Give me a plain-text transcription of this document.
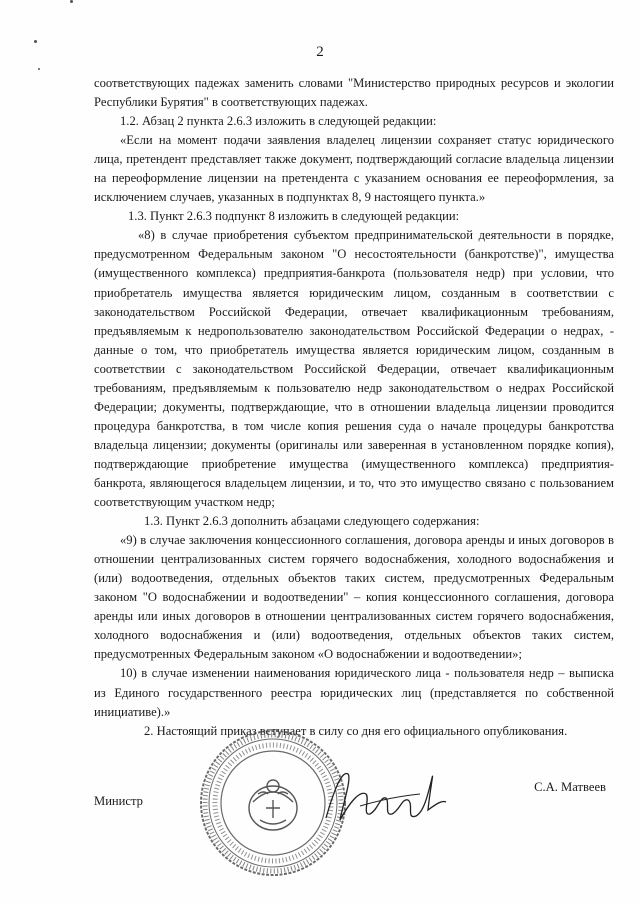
2

соответствующих падежах заменить словами "Министерство природных ресурсов и экологии Республики Бурятия" в соответствующих падежах.

1.2. Абзац 2 пункта 2.6.3 изложить в следующей редакции:

«Если на момент подачи заявления владелец лицензии сохраняет статус юридического лица, претендент представляет также документ, подтверждающий согласие владельца лицензии на переоформление лицензии на претендента с указанием основания ее переоформления, за исключением случаев, указанных в подпунктах 8, 9 настоящего пункта.»

1.3. Пункт 2.6.3 подпункт 8 изложить в следующей редакции:

«8) в случае приобретения субъектом предпринимательской деятельности в порядке, предусмотренном Федеральным законом "О несостоятельности (банкротстве)", имущества (имущественного комплекса) предприятия-банкрота (пользователя недр) при условии, что приобретатель имущества является юридическим лицом, созданным в соответствии с законодательством Российской Федерации, отвечает квалификационным требованиям, предъявляемым к недропользователю законодательством Российской Федерации о недрах, - данные о том, что приобретатель имущества является юридическим лицом, созданным в соответствии с законодательством Российской Федерации, отвечает квалификационным требованиям, предъявляемым к пользователю недр законодательством о недрах Российской Федерации; документы, подтверждающие, что в отношении владельца лицензии проводится процедура банкротства, в том числе копия решения суда о начале процедуры банкротства владельца лицензии; документы (оригиналы или заверенная в установленном порядке копия), подтверждающие приобретение имущества (имущественного комплекса) предприятия-банкрота, являющегося владельцем лицензии, и то, что это имущество связано с пользованием соответствующим участком недр;

1.3. Пункт 2.6.3 дополнить абзацами следующего содержания:

«9) в случае заключения концессионного соглашения, договора аренды и иных договоров в отношении централизованных систем горячего водоснабжения, холодного водоснабжения и (или) водоотведения, отдельных объектов таких систем, предусмотренных Федеральным законом "О водоснабжении и водоотведении" – копия концессионного соглашения, договора аренды или иных договоров в отношении централизованных систем горячего водоснабжения, холодного водоснабжения и (или) водоотведения, отдельных объектов таких систем, предусмотренных Федеральным законом «О водоснабжении и водоотведении»;

10) в случае изменении наименования юридического лица - пользователя недр – выписка из Единого государственного реестра юридических лиц (представляется по собственной инициативе).»

2. Настоящий приказ вступает в силу со дня его официального опубликования.

Министр
С.А. Матвеев
